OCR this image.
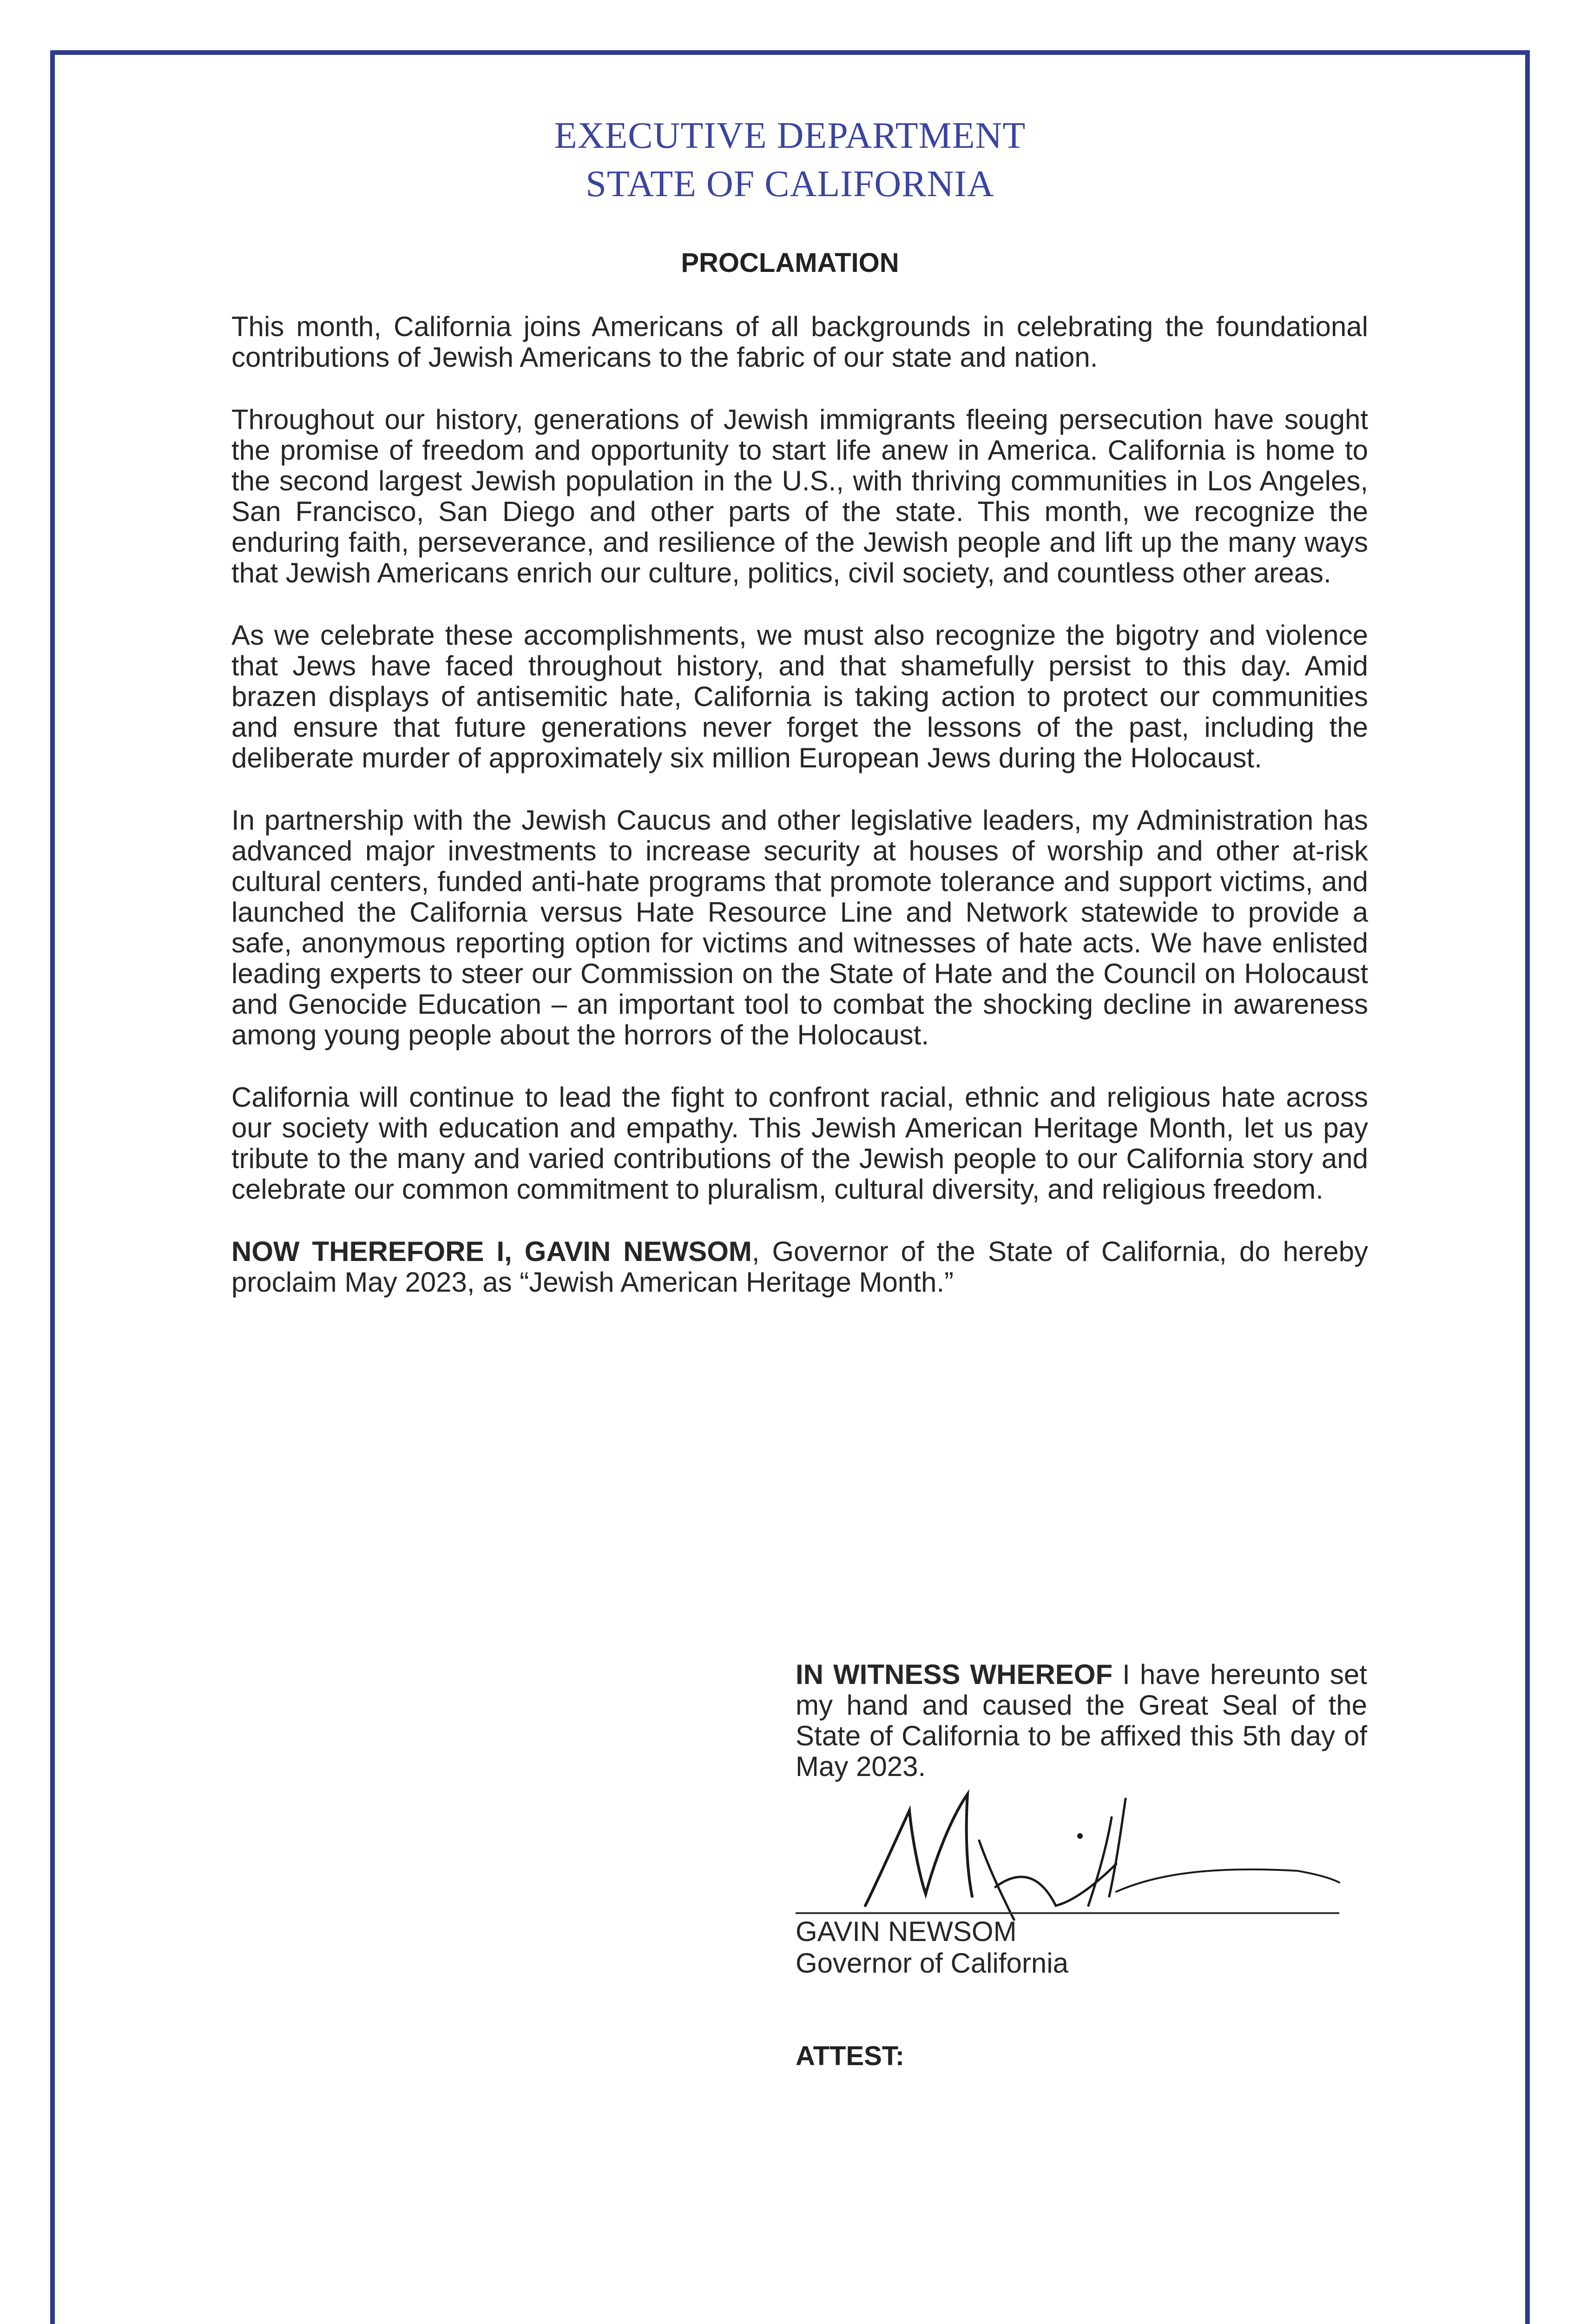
EXECUTIVE DEPARTMENT
STATE OF CALIFORNIA
PROCLAMATION

This month, California joins Americans of all backgrounds in celebrating the foundational contributions of Jewish Americans to the fabric of our state and nation.

Throughout our history, generations of Jewish immigrants fleeing persecution have sought the promise of freedom and opportunity to start life anew in America. California is home to the second largest Jewish population in the U.S., with thriving communities in Los Angeles, San Francisco, San Diego and other parts of the state. This month, we recognize the enduring faith, perseverance, and resilience of the Jewish people and lift up the many ways that Jewish Americans enrich our culture, politics, civil society, and countless other areas.

As we celebrate these accomplishments, we must also recognize the bigotry and violence that Jews have faced throughout history, and that shamefully persist to this day. Amid brazen displays of antisemitic hate, California is taking action to protect our communities and ensure that future generations never forget the lessons of the past, including the deliberate murder of approximately six million European Jews during the Holocaust.

In partnership with the Jewish Caucus and other legislative leaders, my Administration has advanced major investments to increase security at houses of worship and other at-risk cultural centers, funded anti-hate programs that promote tolerance and support victims, and launched the California versus Hate Resource Line and Network statewide to provide a safe, anonymous reporting option for victims and witnesses of hate acts. We have enlisted leading experts to steer our Commission on the State of Hate and the Council on Holocaust and Genocide Education – an important tool to combat the shocking decline in awareness among young people about the horrors of the Holocaust.

California will continue to lead the fight to confront racial, ethnic and religious hate across our society with education and empathy. This Jewish American Heritage Month, let us pay tribute to the many and varied contributions of the Jewish people to our California story and celebrate our common commitment to pluralism, cultural diversity, and religious freedom.

NOW THEREFORE I, GAVIN NEWSOM, Governor of the State of California, do hereby proclaim May 2023, as “Jewish American Heritage Month.”

IN WITNESS WHEREOF I have hereunto set my hand and caused the Great Seal of the State of California to be affixed this 5th day of May 2023.
GAVIN NEWSOM
Governor of California
ATTEST:
